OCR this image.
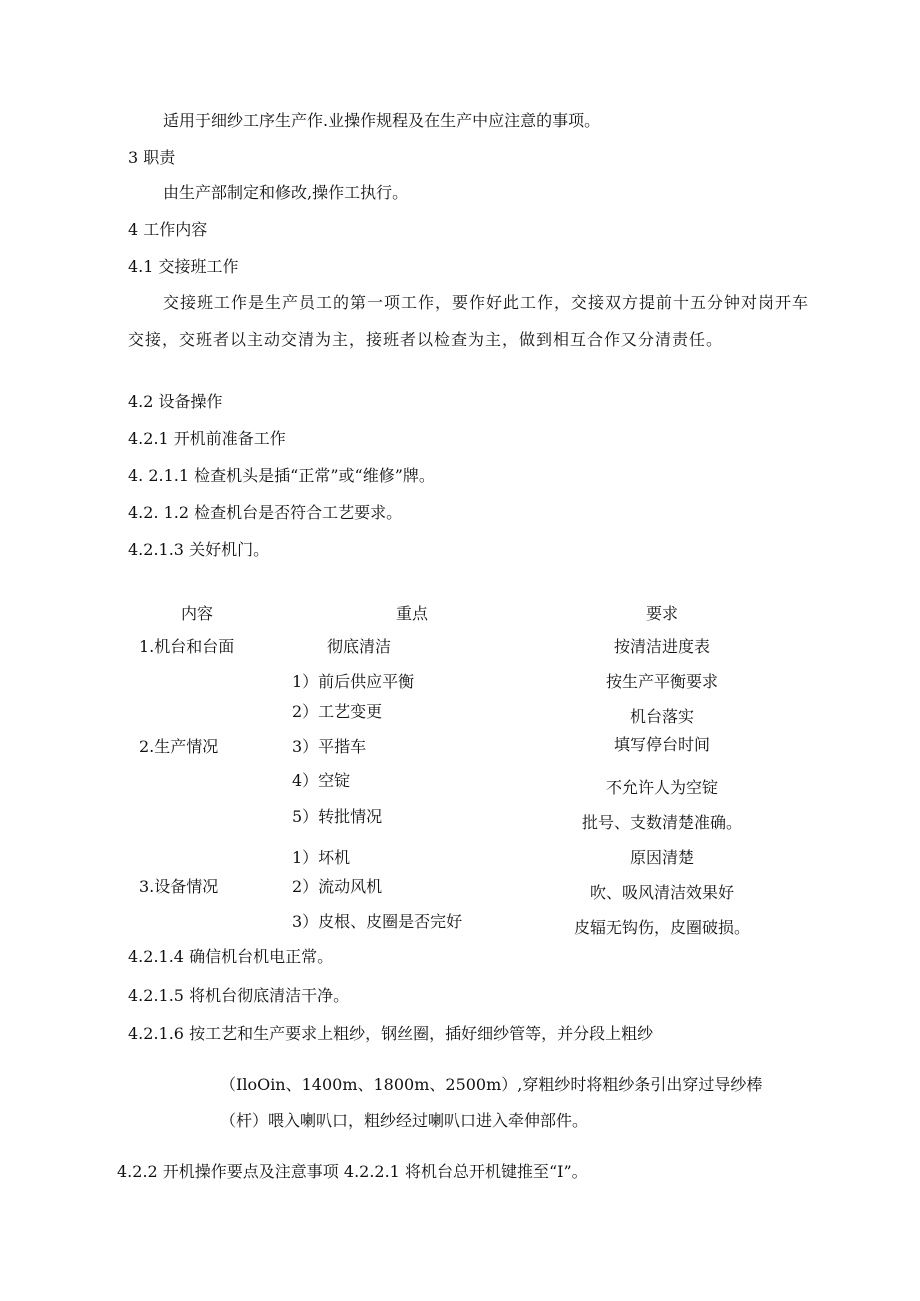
适用于细纱工序生产作.业操作规程及在生产中应注意的事项。
3 职责
由生产部制定和修改,操作工执行。
4 工作内容
4.1 交接班工作
交接班工作是生产员工的第一项工作，要作好此工作，交接双方提前十五分钟对岗开车
交接，交班者以主动交清为主，接班者以检查为主，做到相互合作又分清责任。
4.2 设备操作
4.2.1 开机前准备工作
4. 2.1.1 检查机头是插“正常”或“维修”牌。
4.2. 1.2 检查机台是否符合工艺要求。
4.2.1.3 关好机门。
内容	重点	要求
1.机台和台面
2.生产情况
3.设备情况
彻底清洁
1）前后供应平衡
2）工艺变更
3）平揩车
4）空锭
5）转批情况
1）坏机
2）流动风机
3）皮根、皮圈是否完好
按清洁进度表
按生产平衡要求
机台落实
填写停台时间
不允许人为空锭
批号、支数清楚准确。
原因清楚
吹、吸风清洁效果好
皮辐无钩伤，皮圈破损。
4.2.1.4 确信机台机电正常。
4.2.1.5 将机台彻底清洁干净。
4.2.1.6 按工艺和生产要求上粗纱，钢丝圈，插好细纱管等，并分段上粗纱
（IloOin、1400m、1800m、2500m）,穿粗纱时将粗纱条引出穿过导纱棒
（杆）喂入喇叭口，粗纱经过喇叭口进入牵伸部件。
4.2.2 开机操作要点及注意事项 4.2.2.1 将机台总开机键推至“I”。
